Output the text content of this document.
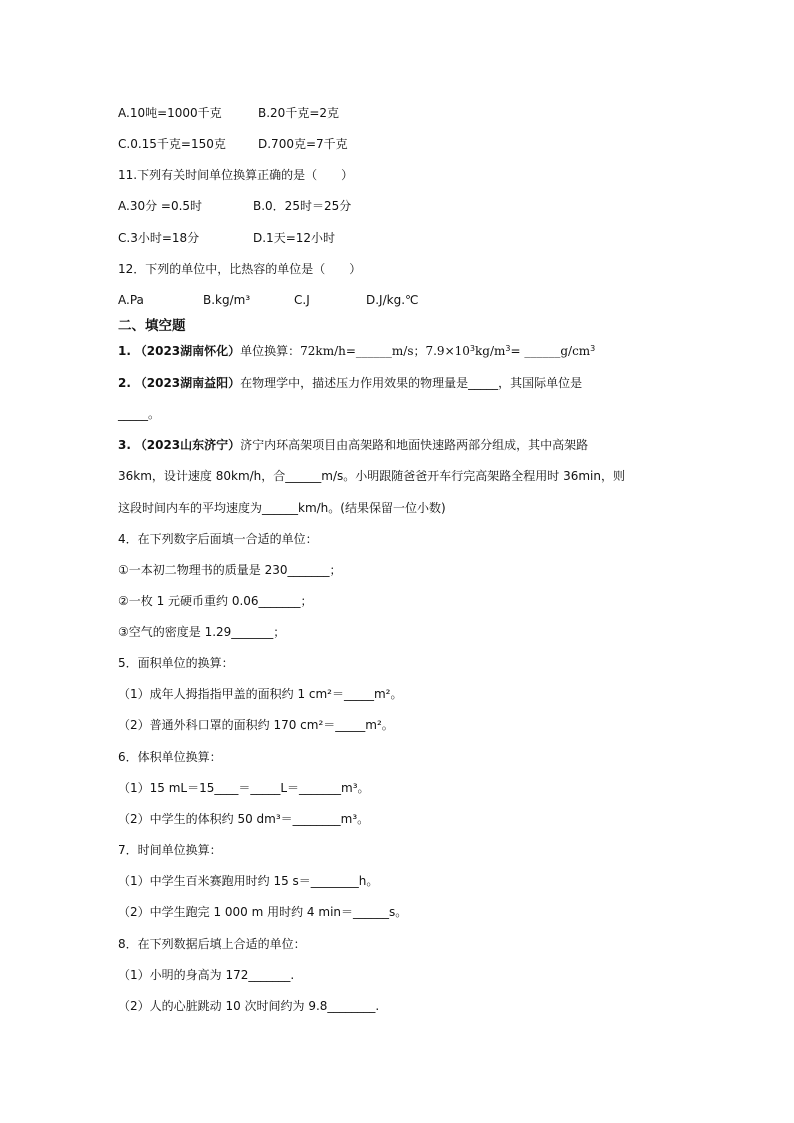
A.10吨=1000千克	B.20千克=2克
C.0.15千克=150克	D.700克=7千克
11.下列有关时间单位换算正确的是（　　）
A.30分 =0.5时	B.0．25时＝25分
C.3小时=18分	D.1天=12小时
12．下列的单位中，比热容的单位是（　　）
A.Pa	B.kg/m³	C.J	D.J/kg.℃
二、填空题
1. （2023湖南怀化）单位换算：72km/h=______m/s；$7.9\times 10^3kg/m^3=$ $\_\_\_\_\_\_g/cm^3$
2. （2023湖南益阳）在物理学中，描述压力作用效果的物理量是_____，其国际单位是
_____。
3. （2023山东济宁）济宁内环高架项目由高架路和地面快速路两部分组成，其中高架路
36km，设计速度 80km/h，合______m/s。小明跟随爸爸开车行完高架路全程用时 36min，则
这段时间内车的平均速度为______km/h。(结果保留一位小数)
4．在下列数字后面填一合适的单位：
①一本初二物理书的质量是 230_______；
②一枚 1 元硬币重约 0.06_______；
③空气的密度是 1.29_______；
5．面积单位的换算：
（1）成年人拇指指甲盖的面积约 1 cm²＝_____m²。
（2）普通外科口罩的面积约 170 cm²＝_____m²。
6．体积单位换算：
（1）15 mL＝15____＝_____L＝_______m³。
（2）中学生的体积约 50 dm³＝________m³。
7．时间单位换算：
（1）中学生百米赛跑用时约 15 s＝________h。
（2）中学生跑完 1 000 m 用时约 4 min＝______s。
8．在下列数据后填上合适的单位：
（1）小明的身高为 172_______.
（2）人的心脏跳动 10 次时间约为 9.8________.
